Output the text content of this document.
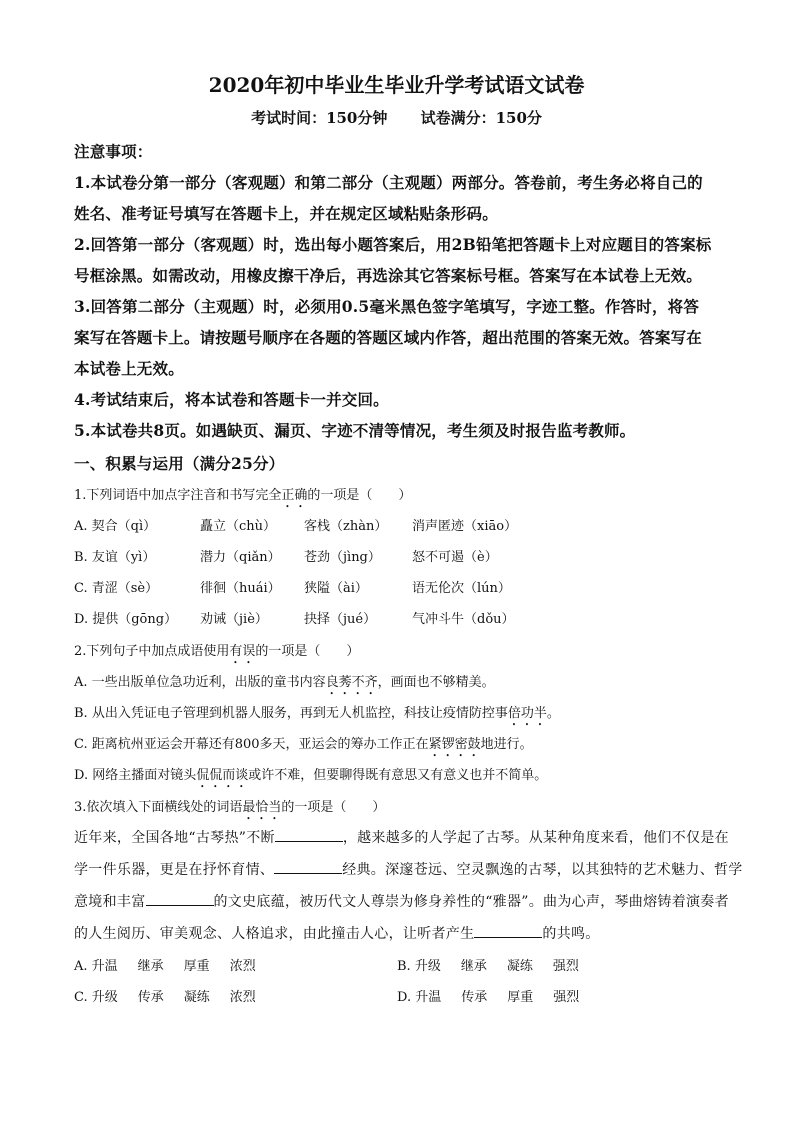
2020年初中毕业生毕业升学考试语文试卷
考试时间：150分钟 试卷满分：150分
注意事项：
1.本试卷分第一部分（客观题）和第二部分（主观题）两部分。答卷前，考生务必将自己的
姓名、准考证号填写在答题卡上，并在规定区域粘贴条形码。
2.回答第一部分（客观题）时，选出每小题答案后，用2B铅笔把答题卡上对应题目的答案标
号框涂黑。如需改动，用橡皮擦干净后，再选涂其它答案标号框。答案写在本试卷上无效。
3.回答第二部分（主观题）时，必须用0.5毫米黑色签字笔填写，字迹工整。作答时，将答
案写在答题卡上。请按题号顺序在各题的答题区域内作答，超出范围的答案无效。答案写在
本试卷上无效。
4.考试结束后，将本试卷和答题卡一并交回。
5.本试卷共8页。如遇缺页、漏页、字迹不清等情况，考生须及时报告监考教师。
一、积累与运用（满分25分）
1.下列词语中加点字注音和书写完全正确的一项是（　　）
A. 契合（qì）	矗立（chù） 客栈（zhàn） 消声匿迹（xiāo）
B. 友谊（yì）	潜力（qiǎn） 苍劲（jìng） 怒不可遏（è）
C. 青涩（sè）	徘徊（huái） 狭隘（ài）	语无伦次（lún）
D. 提供（gōng） 劝诫（jiè）	抉择（jué）	气冲斗牛（dǒu）
2.下列句子中加点成语使用有误的一项是（　　）
A. 一些出版单位急功近利，出版的童书内容良莠不齐，画面也不够精美。
B. 从出入凭证电子管理到机器人服务，再到无人机监控，科技让疫情防控事倍功半。
C. 距离杭州亚运会开幕还有800多天，亚运会的筹办工作正在紧锣密鼓地进行。
D. 网络主播面对镜头侃侃而谈或许不难，但要聊得既有意思又有意义也并不简单。
3.依次填入下面横线处的词语最恰当的一项是（　　）
近年来，全国各地“古琴热”不断	，越来越多的人学起了古琴。从某种角度来看，他们不仅是在
学一件乐器，更是在抒怀育情、	经典。深邃苍远、空灵飘逸的古琴，以其独特的艺术魅力、哲学
意境和丰富	的文史底蕴，被历代文人尊崇为修身养性的“雅器”。曲为心声，琴曲熔铸着演奏者
的人生阅历、审美观念、人格追求，由此撞击人心，让听者产生	的共鸣。
A. 升温 继承 厚重 浓烈	B. 升级 继承 凝练 强烈
C. 升级 传承 凝练 浓烈	D. 升温 传承 厚重 强烈
